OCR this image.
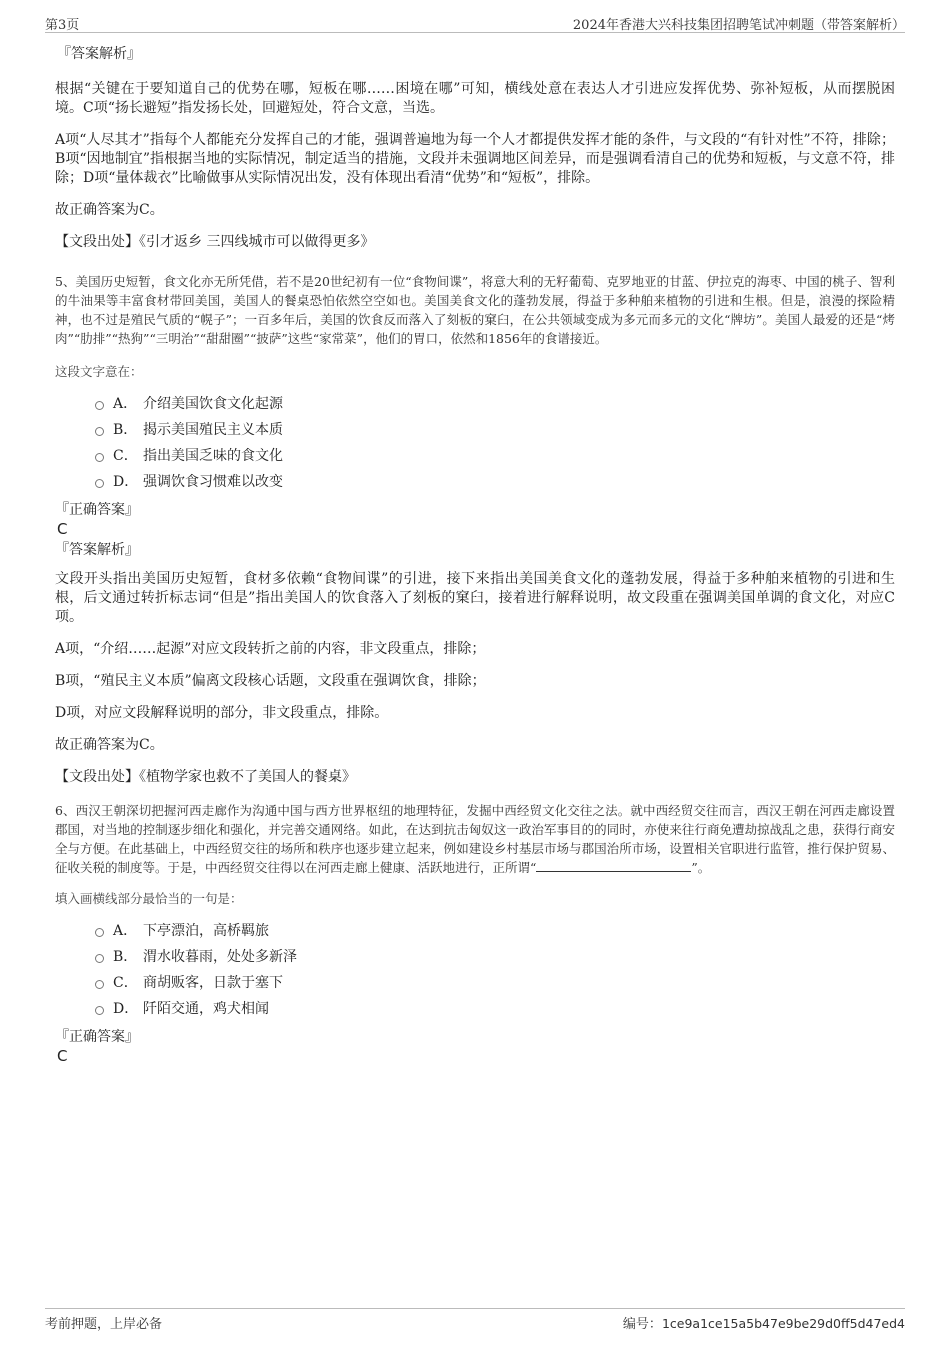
第3页	2024年香港大兴科技集团招聘笔试冲刺题（带答案解析）
『答案解析』

根据“关键在于要知道自己的优势在哪，短板在哪……困境在哪”可知，横线处意在表达人才引进应发挥优势、弥补短板，从而摆脱困境。C项“扬长避短”指发扬长处，回避短处，符合文意，当选。

A项“人尽其才”指每个人都能充分发挥自己的才能，强调普遍地为每一个人才都提供发挥才能的条件，与文段的“有针对性”不符，排除；B项“因地制宜”指根据当地的实际情况，制定适当的措施，文段并未强调地区间差异，而是强调看清自己的优势和短板，与文意不符，排除；D项“量体裁衣”比喻做事从实际情况出发，没有体现出看清“优势”和“短板”，排除。

故正确答案为C。

【文段出处】《引才返乡 三四线城市可以做得更多》

5、美国历史短暂，食文化亦无所凭借，若不是20世纪初有一位“食物间谍”，将意大利的无籽葡萄、克罗地亚的甘蓝、伊拉克的海枣、中国的桃子、智利的牛油果等丰富食材带回美国，美国人的餐桌恐怕依然空空如也。美国美食文化的蓬勃发展，得益于多种舶来植物的引进和生根。但是，浪漫的探险精神，也不过是殖民气质的“幌子”；一百多年后，美国的饮食反而落入了刻板的窠臼，在公共领域变成为多元而多元的文化“牌坊”。美国人最爱的还是“烤肉”“肋排”“热狗”“三明治”“甜甜圈”“披萨”这些“家常菜”，他们的胃口，依然和1856年的食谱接近。

这段文字意在：

A． 介绍美国饮食文化起源
B． 揭示美国殖民主义本质
C． 指出美国乏味的食文化
D． 强调饮食习惯难以改变
『正确答案』
C
『答案解析』

文段开头指出美国历史短暂，食材多依赖“食物间谍”的引进，接下来指出美国美食文化的蓬勃发展，得益于多种舶来植物的引进和生根，后文通过转折标志词“但是”指出美国人的饮食落入了刻板的窠臼，接着进行解释说明，故文段重在强调美国单调的食文化，对应C项。

A项，“介绍……起源”对应文段转折之前的内容，非文段重点，排除；

B项，“殖民主义本质”偏离文段核心话题，文段重在强调饮食，排除；

D项，对应文段解释说明的部分，非文段重点，排除。

故正确答案为C。

【文段出处】《植物学家也救不了美国人的餐桌》

6、西汉王朝深切把握河西走廊作为沟通中国与西方世界枢纽的地理特征，发掘中西经贸文化交往之法。就中西经贸交往而言，西汉王朝在河西走廊设置郡国，对当地的控制逐步细化和强化，并完善交通网络。如此，在达到抗击匈奴这一政治军事目的的同时，亦使来往行商免遭劫掠战乱之患，获得行商安全与方便。在此基础上，中西经贸交往的场所和秩序也逐步建立起来，例如建设乡村基层市场与郡国治所市场，设置相关官职进行监管，推行保护贸易、征收关税的制度等。于是，中西经贸交往得以在河西走廊上健康、活跃地进行，正所谓“	”。

填入画横线部分最恰当的一句是：

A． 下亭漂泊，高桥羁旅
B． 渭水收暮雨，处处多新泽
C． 商胡贩客，日款于塞下
D． 阡陌交通，鸡犬相闻
『正确答案』
C
考前押题，上岸必备	编号：1ce9a1ce15a5b47e9be29d0ff5d47ed4
